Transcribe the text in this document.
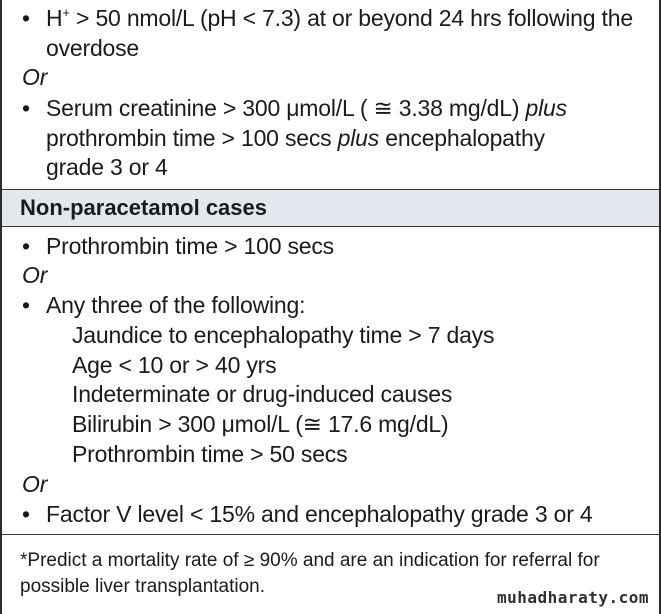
• H+ > 50 nmol/L (pH < 7.3) at or beyond 24 hrs following the
overdose
Or
• Serum creatinine > 300 μmol/L ( ≅ 3.38 mg/dL) plus
prothrombin time > 100 secs plus encephalopathy
grade 3 or 4
Non-paracetamol cases
• Prothrombin time > 100 secs
Or
• Any three of the following:
Jaundice to encephalopathy time > 7 days
Age < 10 or > 40 yrs
Indeterminate or drug-induced causes
Bilirubin > 300 μmol/L (≅ 17.6 mg/dL)
Prothrombin time > 50 secs
Or
• Factor V level < 15% and encephalopathy grade 3 or 4
*Predict a mortality rate of ≥ 90% and are an indication for referral for
possible liver transplantation.
muhadharaty.com
